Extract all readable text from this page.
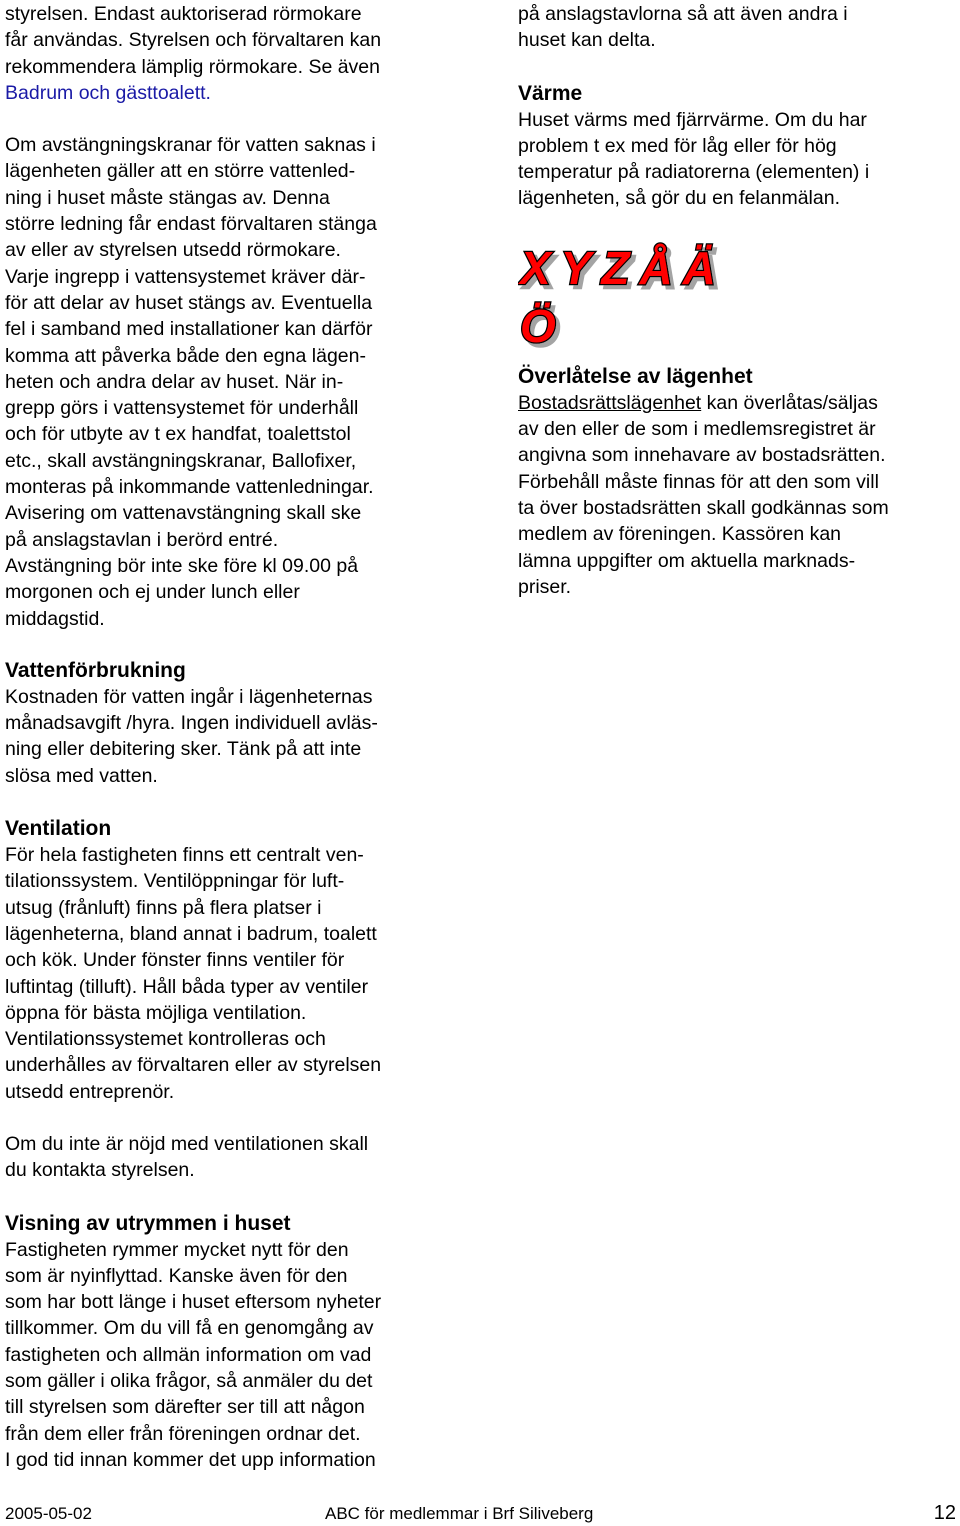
styrelsen. Endast auktoriserad rörmokare
får användas. Styrelsen och förvaltaren kan
rekommendera lämplig rörmokare. Se även
Badrum och gästtoalett.
Om avstängningskranar för vatten saknas i
lägenheten gäller att en större vattenled-
ning i huset måste stängas av. Denna
större ledning får endast förvaltaren stänga
av eller av styrelsen utsedd rörmokare.
Varje ingrepp i vattensystemet kräver där-
för att delar av huset stängs av. Eventuella
fel i samband med installationer kan därför
komma att påverka både den egna lägen-
heten och andra delar av huset. När in-
grepp görs i vattensystemet för underhåll
och för utbyte av t ex handfat, toalettstol
etc., skall avstängningskranar, Ballofixer,
monteras på inkommande vattenledningar.
Avisering om vattenavstängning skall ske
på anslagstavlan i berörd entré.
Avstängning bör inte ske före kl 09.00 på
morgonen och ej under lunch eller
middagstid.
Vattenförbrukning
Kostnaden för vatten ingår i lägenheternas
månadsavgift /hyra. Ingen individuell avläs-
ning eller debitering sker. Tänk på att inte
slösa med vatten.
Ventilation
För hela fastigheten finns ett centralt ven-
tilationssystem. Ventilöppningar för luft-
utsug (frånluft) finns på flera platser i
lägenheterna, bland annat i badrum, toalett
och kök. Under fönster finns ventiler för
luftintag (tilluft). Håll båda typer av ventiler
öppna för bästa möjliga ventilation.
Ventilationssystemet kontrolleras och
underhålles av förvaltaren eller av styrelsen
utsedd entreprenör.
Om du inte är nöjd med ventilationen skall
du kontakta styrelsen.
Visning av utrymmen i huset
Fastigheten rymmer mycket nytt för den
som är nyinflyttad. Kanske även för den
som har bott länge i huset eftersom nyheter
tillkommer. Om du vill få en genomgång av
fastigheten och allmän information om vad
som gäller i olika frågor, så anmäler du det
till styrelsen som därefter ser till att någon
från dem eller från föreningen ordnar det.
I god tid innan kommer det upp information
på anslagstavlorna så att även andra i
huset kan delta.
Värme
Huset värms med fjärrvärme. Om du har
problem t ex med för låg eller för hög
temperatur på radiatorerna (elementen) i
lägenheten, så gör du en felanmälan.
XYZÅÄ
Ö
Överlåtelse av lägenhet
Bostadsrättslägenhet kan överlåtas/säljas
av den eller de som i medlemsregistret är
angivna som innehavare av bostadsrätten.
Förbehåll måste finnas för att den som vill
ta över bostadsrätten skall godkännas som
medlem av föreningen. Kassören kan
lämna uppgifter om aktuella marknads-
priser.
2005-05-02	ABC för medlemmar i Brf Siliveberg	12
